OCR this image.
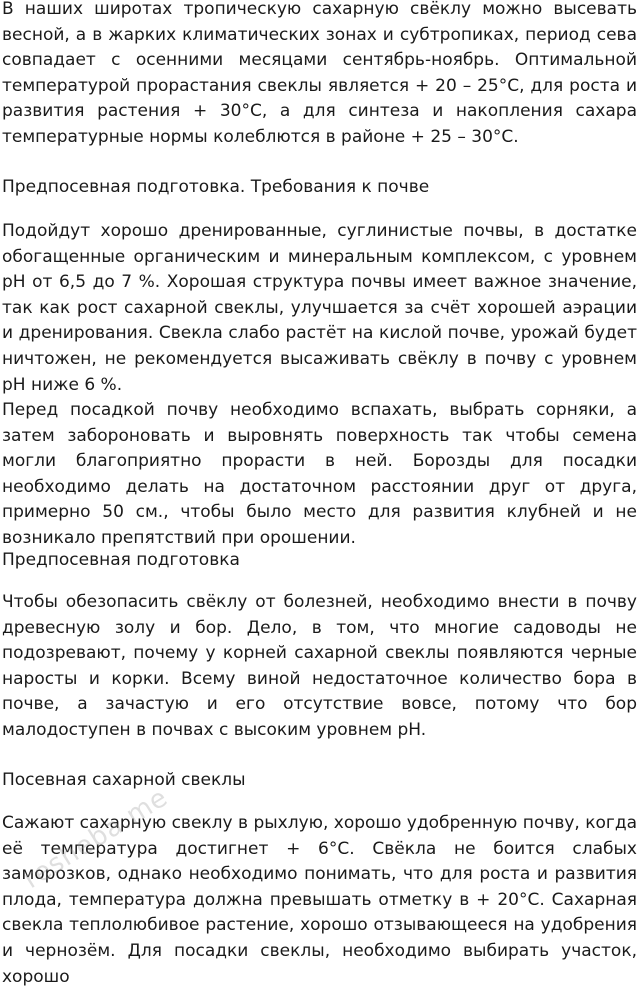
В наших широтах тропическую сахарную свёклу можно высевать весной, а в жарких климатических зонах и субтропиках, период сева совпадает с осенними месяцами сентябрь-ноябрь. Оптимальной температурой прорастания свеклы является + 20 – 25°С, для роста и развития растения + 30°С, а для синтеза и накопления сахара температурные нормы колеблются в районе + 25 – 30°С.

Предпосевная подготовка. Требования к почве

Подойдут хорошо дренированные, суглинистые почвы, в достатке обогащенные органическим и минеральным комплексом, с уровнем pH от 6,5 до 7 %. Хорошая структура почвы имеет важное значение, так как рост сахарной свеклы, улучшается за счёт хорошей аэрации и дренирования. Свекла слабо растёт на кислой почве, урожай будет ничтожен, не рекомендуется высаживать свёклу в почву с уровнем pH ниже 6 %.

Перед посадкой почву необходимо вспахать, выбрать сорняки, а затем забороновать и выровнять поверхность так чтобы семена могли благоприятно прорасти в ней. Борозды для посадки необходимо делать на достаточном расстоянии друг от друга, примерно 50 см., чтобы было место для развития клубней и не возникало препятствий при орошении.

Предпосевная подготовка

Чтобы обезопасить свёклу от болезней, необходимо внести в почву древесную золу и бор. Дело, в том, что многие садоводы не подозревают, почему у корней сахарной свеклы появляются черные наросты и корки. Всему виной недостаточное количество бора в почве, а зачастую и его отсутствие вовсе, потому что бор малодоступен в почвах с высоким уровнем pH.

Посевная сахарной свеклы

Сажают сахарную свеклу в рыхлую, хорошо удобренную почву, когда её температура достигнет + 6°С. Свёкла не боится слабых заморозков, однако необходимо понимать, что для роста и развития плода, температура должна превышать отметку в + 20°С. Сахарная свекла теплолюбивое растение, хорошо отзывающееся на удобрения и чернозём. Для посадки свеклы, необходимо выбирать участок, хорошо

resheba.me
